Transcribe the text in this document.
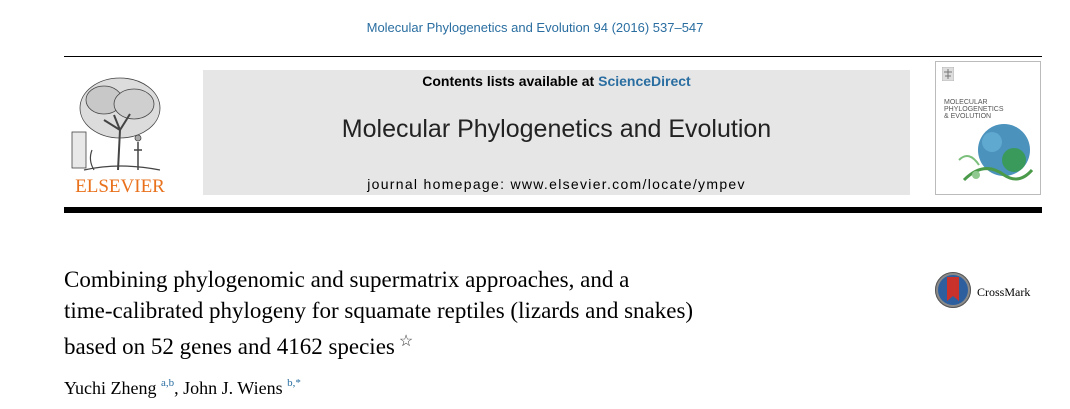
Molecular Phylogenetics and Evolution 94 (2016) 537–547
ELSEVIER
Contents lists available at ScienceDirect
Molecular Phylogenetics and Evolution
journal homepage: www.elsevier.com/locate/ympev
MOLECULAR
PHYLOGENETICS
& EVOLUTION
Combining phylogenomic and supermatrix approaches, and a
time-calibrated phylogeny for squamate reptiles (lizards and snakes)
based on 52 genes and 4162 species ☆
CrossMark
Yuchi Zheng $^{a,b}$, John J. Wiens $^{b,*}$
